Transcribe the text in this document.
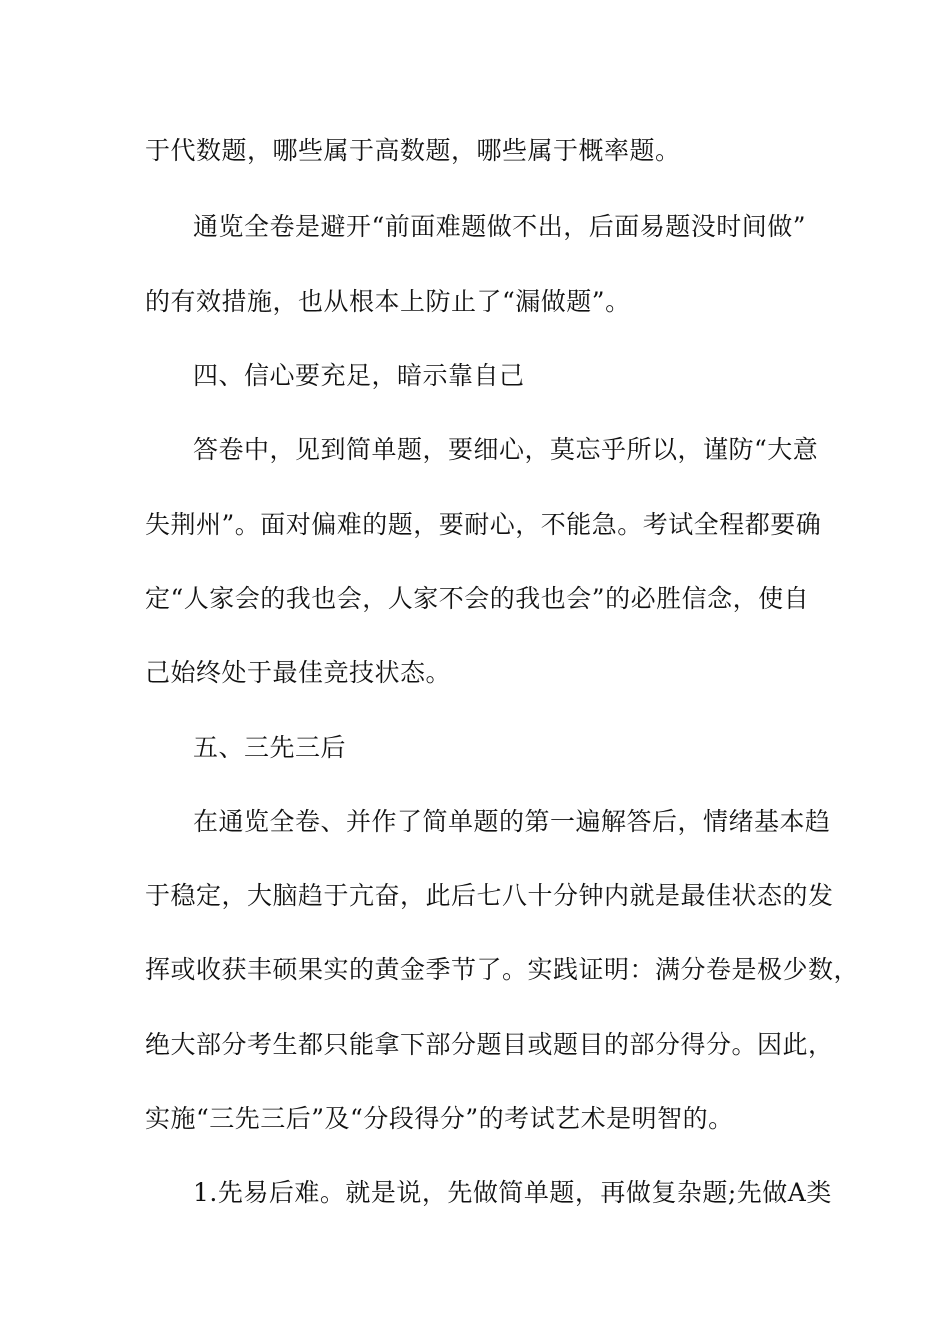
于代数题，哪些属于高数题，哪些属于概率题。
通览全卷是避开“前面难题做不出，后面易题没时间做”
的有效措施，也从根本上防止了“漏做题”。
四、信心要充足，暗示靠自己
答卷中，见到简单题，要细心，莫忘乎所以，谨防“大意
失荆州”。面对偏难的题，要耐心，不能急。考试全程都要确
定“人家会的我也会，人家不会的我也会”的必胜信念，使自
己始终处于最佳竞技状态。
五、三先三后
在通览全卷、并作了简单题的第一遍解答后，情绪基本趋
于稳定，大脑趋于亢奋，此后七八十分钟内就是最佳状态的发
挥或收获丰硕果实的黄金季节了。实践证明：满分卷是极少数，
绝大部分考生都只能拿下部分题目或题目的部分得分。因此，
实施“三先三后”及“分段得分”的考试艺术是明智的。
1.先易后难。就是说，先做简单题，再做复杂题;先做A类
